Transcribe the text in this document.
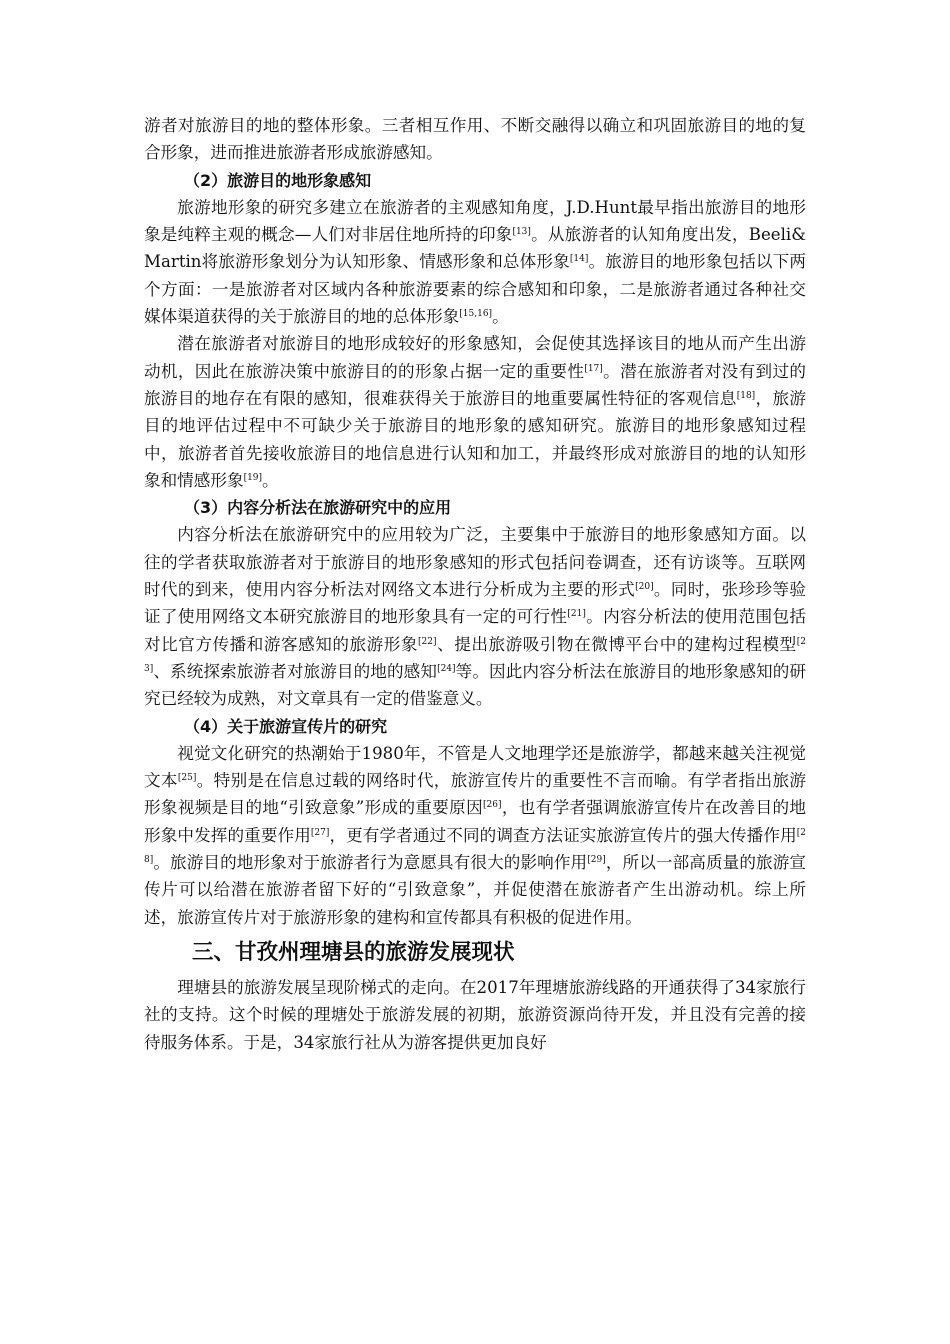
游者对旅游目的地的整体形象。三者相互作用、不断交融得以确立和巩固旅游目的地的复合形象，进而推进旅游者形成旅游感知。

（2）旅游目的地形象感知

旅游地形象的研究多建立在旅游者的主观感知角度，J.D.Hunt最早指出旅游目的地形象是纯粹主观的概念—人们对非居住地所持的印象[13]。从旅游者的认知角度出发，Beeli&Martin将旅游形象划分为认知形象、情感形象和总体形象[14]。旅游目的地形象包括以下两个方面：一是旅游者对区域内各种旅游要素的综合感知和印象，二是旅游者通过各种社交媒体渠道获得的关于旅游目的地的总体形象[15,16]。

潜在旅游者对旅游目的地形成较好的形象感知，会促使其选择该目的地从而产生出游动机，因此在旅游决策中旅游目的的形象占据一定的重要性[17]。潜在旅游者对没有到过的旅游目的地存在有限的感知，很难获得关于旅游目的地重要属性特征的客观信息[18]，旅游目的地评估过程中不可缺少关于旅游目的地形象的感知研究。旅游目的地形象感知过程中，旅游者首先接收旅游目的地信息进行认知和加工，并最终形成对旅游目的地的认知形象和情感形象[19]。

（3）内容分析法在旅游研究中的应用

内容分析法在旅游研究中的应用较为广泛，主要集中于旅游目的地形象感知方面。以往的学者获取旅游者对于旅游目的地形象感知的形式包括问卷调查，还有访谈等。互联网时代的到来，使用内容分析法对网络文本进行分析成为主要的形式[20]。同时，张珍珍等验证了使用网络文本研究旅游目的地形象具有一定的可行性[21]。内容分析法的使用范围包括对比官方传播和游客感知的旅游形象[22]、提出旅游吸引物在微博平台中的建构过程模型[23]、系统探索旅游者对旅游目的地的感知[24]等。因此内容分析法在旅游目的地形象感知的研究已经较为成熟，对文章具有一定的借鉴意义。

（4）关于旅游宣传片的研究

视觉文化研究的热潮始于1980年，不管是人文地理学还是旅游学，都越来越关注视觉文本[25]。特别是在信息过载的网络时代，旅游宣传片的重要性不言而喻。有学者指出旅游形象视频是目的地“引致意象”形成的重要原因[26]，也有学者强调旅游宣传片在改善目的地形象中发挥的重要作用[27]，更有学者通过不同的调查方法证实旅游宣传片的强大传播作用[28]。旅游目的地形象对于旅游者行为意愿具有很大的影响作用[29]，所以一部高质量的旅游宣传片可以给潜在旅游者留下好的“引致意象”，并促使潜在旅游者产生出游动机。综上所述，旅游宣传片对于旅游形象的建构和宣传都具有积极的促进作用。

三、甘孜州理塘县的旅游发展现状

理塘县的旅游发展呈现阶梯式的走向。在2017年理塘旅游线路的开通获得了34家旅行社的支持。这个时候的理塘处于旅游发展的初期，旅游资源尚待开发，并且没有完善的接待服务体系。于是，34家旅行社从为游客提供更加良好
